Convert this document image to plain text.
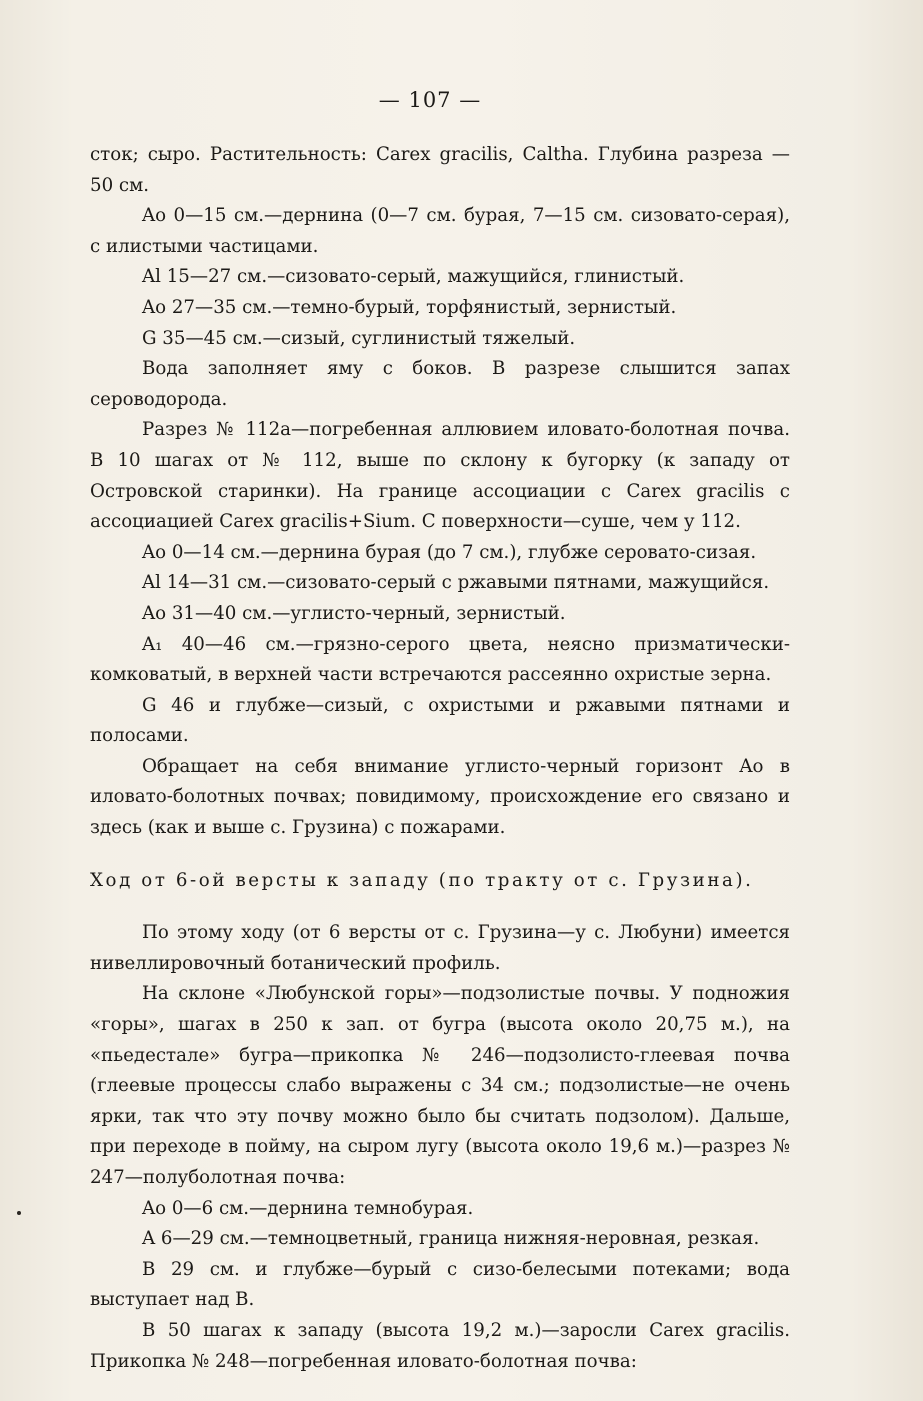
— 107 —

сток; сыро. Растительность: Carex gracilis, Caltha. Глубина разреза — 50 см.

Aо 0—15 см.—дернина (0—7 см. бурая, 7—15 см. сизовато-серая), с илистыми частицами.

Al 15—27 см.—сизовато-серый, мажущийся, глинистый.

Aо 27—35 см.—темно-бурый, торфянистый, зернистый.

G 35—45 см.—сизый, суглинистый тяжелый.

Вода заполняет яму с боков. В разрезе слышится запах сероводорода.

Разрез № 112а—погребенная аллювием иловато-болотная почва. В 10 шагах от № 112, выше по склону к бугорку (к западу от Островской старинки). На границе ассоциации с Carex gracilis с ассоциацией Carex gracilis+Sium. С поверхности—суше, чем у 112.

Aо 0—14 см.—дернина бурая (до 7 см.), глубже серовато-сизая.

Al 14—31 см.—сизовато-серый с ржавыми пятнами, мажущийся.

Aо 31—40 см.—углисто-черный, зернистый.

A₁ 40—46 см.—грязно-серого цвета, неясно призматически-комковатый, в верхней части встречаются рассеянно охристые зерна.

G 46 и глубже—сизый, с охристыми и ржавыми пятнами и полосами.

Обращает на себя внимание углисто-черный горизонт Aо в иловато-болотных почвах; повидимому, происхождение его связано и здесь (как и выше с. Грузина) с пожарами.

Ход от 6-ой версты к западу (по тракту от с. Грузина).

По этому ходу (от 6 версты от с. Грузина—у с. Любуни) имеется нивеллировочный ботанический профиль.

На склоне «Любунской горы»—подзолистые почвы. У подножия «горы», шагах в 250 к зап. от бугра (высота около 20,75 м.), на «пьедестале» бугра—прикопка № 246—подзолисто-глеевая почва (глеевые процессы слабо выражены с 34 см.; подзолистые—не очень ярки, так что эту почву можно было бы считать подзолом). Дальше, при переходе в пойму, на сыром лугу (высота около 19,6 м.)—разрез № 247—полуболотная почва:

Aо 0—6 см.—дернина темнобурая.

A 6—29 см.—темноцветный, граница нижняя-неровная, резкая.

B 29 см. и глубже—бурый с сизо-белесыми потеками; вода выступает над B.

В 50 шагах к западу (высота 19,2 м.)—заросли Carex gracilis. Прикопка № 248—погребенная иловато-болотная почва:
